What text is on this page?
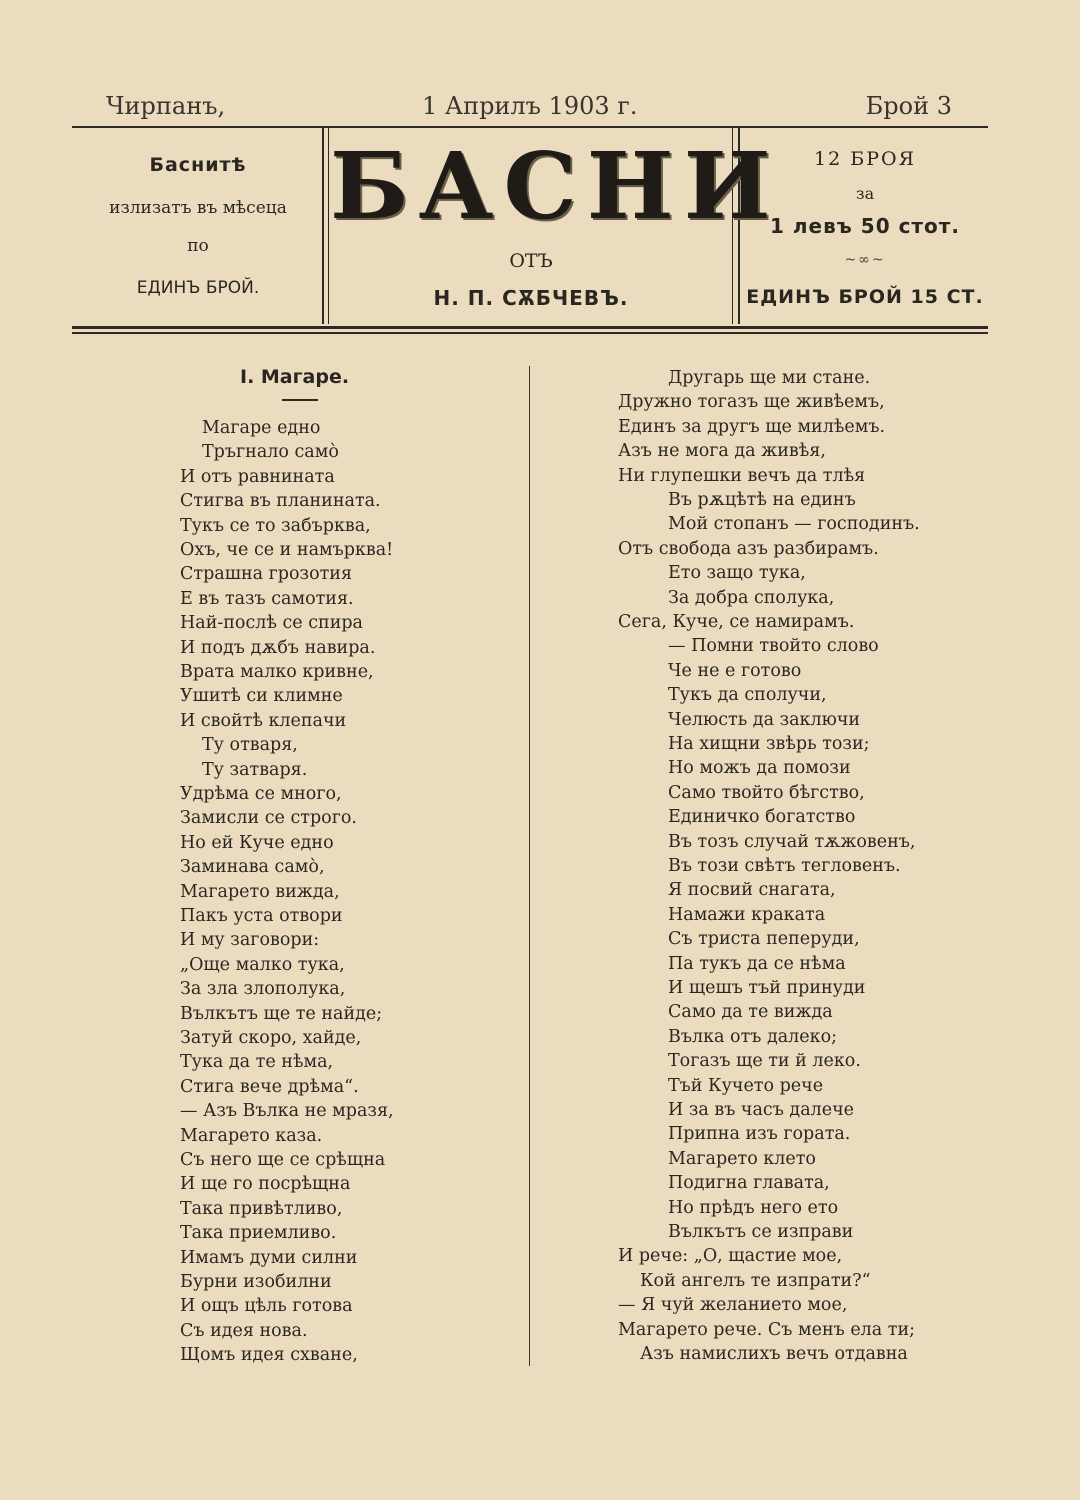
Чирпанъ,	1 Априлъ 1903 г.	Брой 3
Баснитѣ
излизатъ въ мѣсеца
по
ЕДИНЪ БРОЙ.
БАСНИ
ОТЪ
Н. П. СѪБЧЕВЪ.
12 БРОЯ
за
1 левъ 50 стот.
~∞~
ЕДИНЪ БРОЙ 15 СТ.
I. Магаре.
Магаре едно
Тръгнало самò
И отъ равнината
Стигва въ планината.
Тукъ се то забърква,
Охъ, че се и намърква!
Страшна грозотия
Е въ тазъ самотия.
Най-послѣ се спира
И подъ дѫбъ навира.
Врата малко кривне,
Ушитѣ си климне
И свойтѣ клепачи
Ту отваря,
Ту затваря.
Удрѣма се много,
Замисли се строго.
Но ей Куче едно
Заминава самò,
Магарето вижда,
Пакъ уста отвори
И му заговори:
„Още малко тука,
За зла злополука,
Вълкътъ ще те найде;
Затуй скоро, хайде,
Тука да те нѣма,
Стига вече дрѣма“.
— Азъ Вълка не мразя,
Магарето каза.
Съ него ще се срѣщна
И ще го посрѣщна
Така привѣтливо,
Така приемливо.
Имамъ думи силни
Бурни изобилни
И ощъ цѣль готова
Съ идея нова.
Щомъ идея схване,
Другарь ще ми стане.
Дружно тогазъ ще живѣемъ,
Единъ за другъ ще милѣемъ.
Азъ не мога да живѣя,
Ни глупешки вечъ да тлѣя
Въ рѫцѣтѣ на единъ
Мой стопанъ — господинъ.
Отъ свобода азъ разбирамъ.
Ето защо тука,
За добра сполука,
Сега, Куче, се намирамъ.
— Помни твойто слово
Че не е готово
Тукъ да сполучи,
Челюсть да заключи
На хищни звѣрь този;
Но можъ да помози
Само твойто бѣгство,
Единичко богатство
Въ тозъ случай тѫжовенъ,
Въ този свѣтъ тегловенъ.
Я посвий снагата,
Намажи краката
Съ триста пеперуди,
Па тукъ да се нѣма
И щешъ тъй принуди
Само да те вижда
Вълка отъ далеко;
Тогазъ ще ти й леко.
Тъй Кучето рече
И за въ часъ далече
Припна изъ гората.
Магарето клето
Подигна главата,
Но прѣдъ него ето
Вълкътъ се изправи
И рече: „О, щастие мое,
Кой ангелъ те изпрати?“
— Я чуй желанието мое,
Магарето рече. Съ менъ ела ти;
Азъ намислихъ вечъ отдавна
